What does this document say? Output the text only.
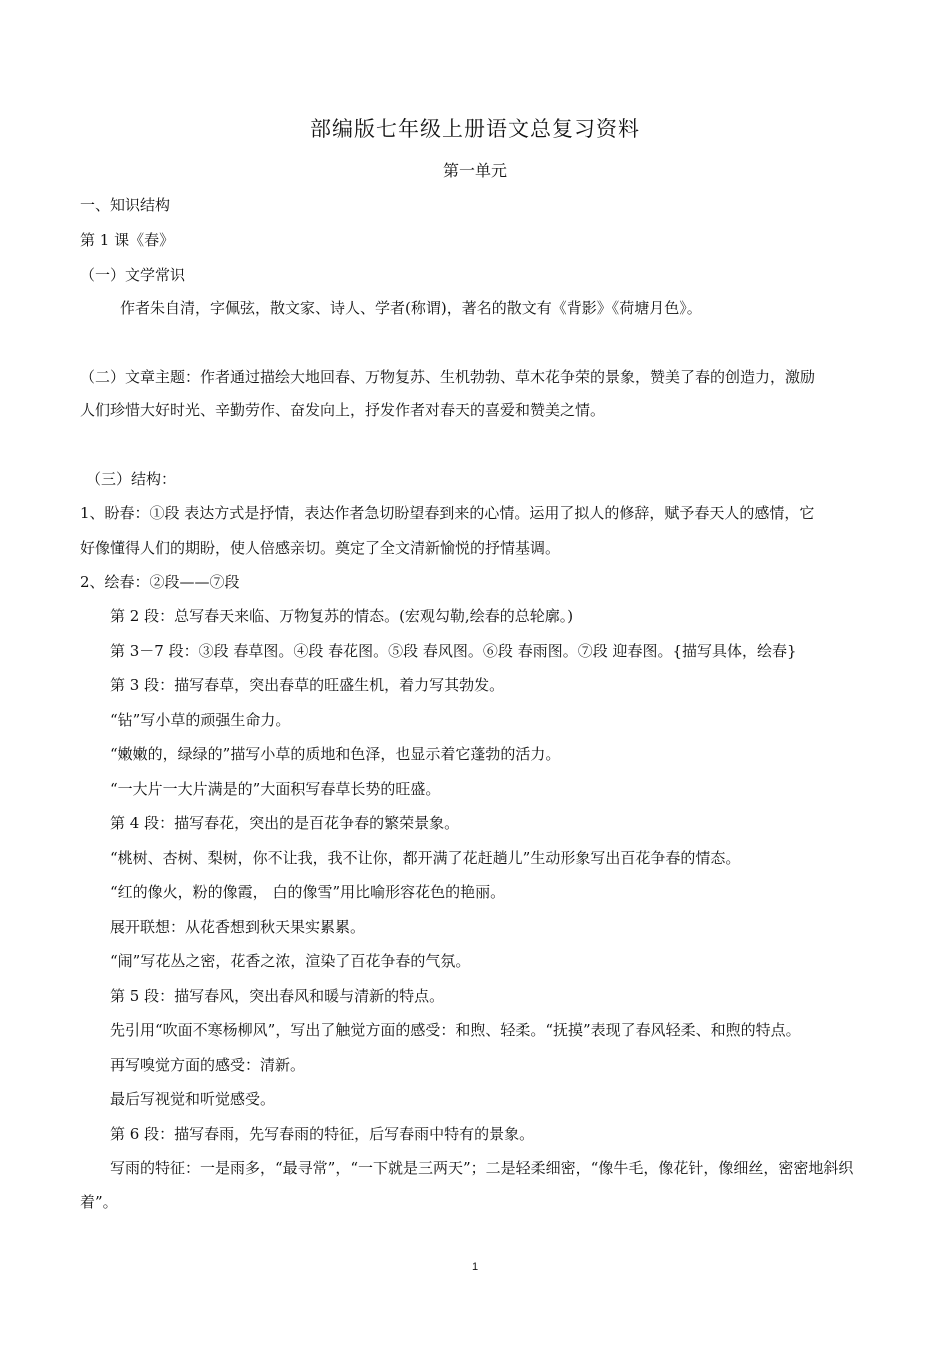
部编版七年级上册语文总复习资料
第一单元
一、知识结构
第 1 课《春》
（一）文学常识
作者朱自清，字佩弦，散文家、诗人、学者(称谓)，著名的散文有《背影》《荷塘月色》。
（二）文章主题：作者通过描绘大地回春、万物复苏、生机勃勃、草木花争荣的景象，赞美了春的创造力，激励
人们珍惜大好时光、辛勤劳作、奋发向上，抒发作者对春天的喜爱和赞美之情。
（三）结构：
1、盼春：①段 表达方式是抒情，表达作者急切盼望春到来的心情。运用了拟人的修辞，赋予春天人的感情，它
好像懂得人们的期盼，使人倍感亲切。奠定了全文清新愉悦的抒情基调。
2、绘春：②段——⑦段
第 2 段：总写春天来临、万物复苏的情态。(宏观勾勒,绘春的总轮廓。)
第 3－7 段：③段 春草图。④段 春花图。⑤段 春风图。⑥段 春雨图。⑦段 迎春图。{描写具体，绘春}
第 3 段：描写春草，突出春草的旺盛生机，着力写其勃发。
“钻”写小草的顽强生命力。
“嫩嫩的，绿绿的”描写小草的质地和色泽，也显示着它蓬勃的活力。
“一大片一大片满是的”大面积写春草长势的旺盛。
第 4 段：描写春花，突出的是百花争春的繁荣景象。
“桃树、杏树、梨树，你不让我，我不让你，都开满了花赶趟儿”生动形象写出百花争春的情态。
“红的像火，粉的像霞， 白的像雪”用比喻形容花色的艳丽。
展开联想：从花香想到秋天果实累累。
“闹”写花丛之密，花香之浓，渲染了百花争春的气氛。
第 5 段：描写春风，突出春风和暖与清新的特点。
先引用“吹面不寒杨柳风”，写出了触觉方面的感受：和煦、轻柔。“抚摸”表现了春风轻柔、和煦的特点。
再写嗅觉方面的感受：清新。
最后写视觉和听觉感受。
第 6 段：描写春雨，先写春雨的特征，后写春雨中特有的景象。
写雨的特征：一是雨多，“最寻常”，“一下就是三两天”；二是轻柔细密，“像牛毛，像花针，像细丝，密密地斜织
着”。
1
